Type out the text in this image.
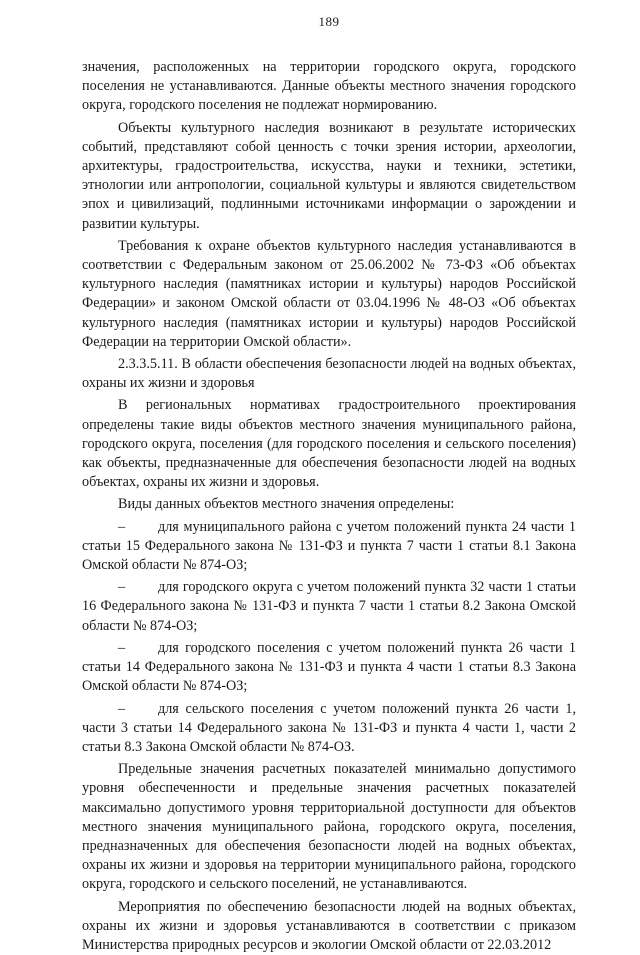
189

значения, расположенных на территории городского округа, городского поселения не устанавливаются. Данные объекты местного значения городского округа, городского поселения не подлежат нормированию.

Объекты культурного наследия возникают в результате исторических событий, представляют собой ценность с точки зрения истории, археологии, архитектуры, градостроительства, искусства, науки и техники, эстетики, этнологии или антропологии, социальной культуры и являются свидетельством эпох и цивилизаций, подлинными источниками информации о зарождении и развитии культуры.

Требования к охране объектов культурного наследия устанавливаются в соответствии с Федеральным законом от 25.06.2002 № 73-ФЗ «Об объектах культурного наследия (памятниках истории и культуры) народов Российской Федерации» и законом Омской области от 03.04.1996 № 48-ОЗ «Об объектах культурного наследия (памятниках истории и культуры) народов Российской Федерации на территории Омской области».

2.3.3.5.11. В области обеспечения безопасности людей на водных объектах, охраны их жизни и здоровья

В региональных нормативах градостроительного проектирования определены такие виды объектов местного значения муниципального района, городского округа, поселения (для городского поселения и сельского поселения) как объекты, предназначенные для обеспечения безопасности людей на водных объектах, охраны их жизни и здоровья.

Виды данных объектов местного значения определены:

– для муниципального района с учетом положений пункта 24 части 1 статьи 15 Федерального закона № 131-ФЗ и пункта 7 части 1 статьи 8.1 Закона Омской области № 874-ОЗ;

– для городского округа с учетом положений пункта 32 части 1 статьи 16 Федерального закона № 131-ФЗ и пункта 7 части 1 статьи 8.2 Закона Омской области № 874-ОЗ;

– для городского поселения с учетом положений пункта 26 части 1 статьи 14 Федерального закона № 131-ФЗ и пункта 4 части 1 статьи 8.3 Закона Омской области № 874-ОЗ;

– для сельского поселения с учетом положений пункта 26 части 1, части 3 статьи 14 Федерального закона № 131-ФЗ и пункта 4 части 1, части 2 статьи 8.3 Закона Омской области № 874-ОЗ.

Предельные значения расчетных показателей минимально допустимого уровня обеспеченности и предельные значения расчетных показателей максимально допустимого уровня территориальной доступности для объектов местного значения муниципального района, городского округа, поселения, предназначенных для обеспечения безопасности людей на водных объектах, охраны их жизни и здоровья на территории муниципального района, городского округа, городского и сельского поселений, не устанавливаются.

Мероприятия по обеспечению безопасности людей на водных объектах, охраны их жизни и здоровья устанавливаются в соответствии с приказом Министерства природных ресурсов и экологии Омской области от 22.03.2012
